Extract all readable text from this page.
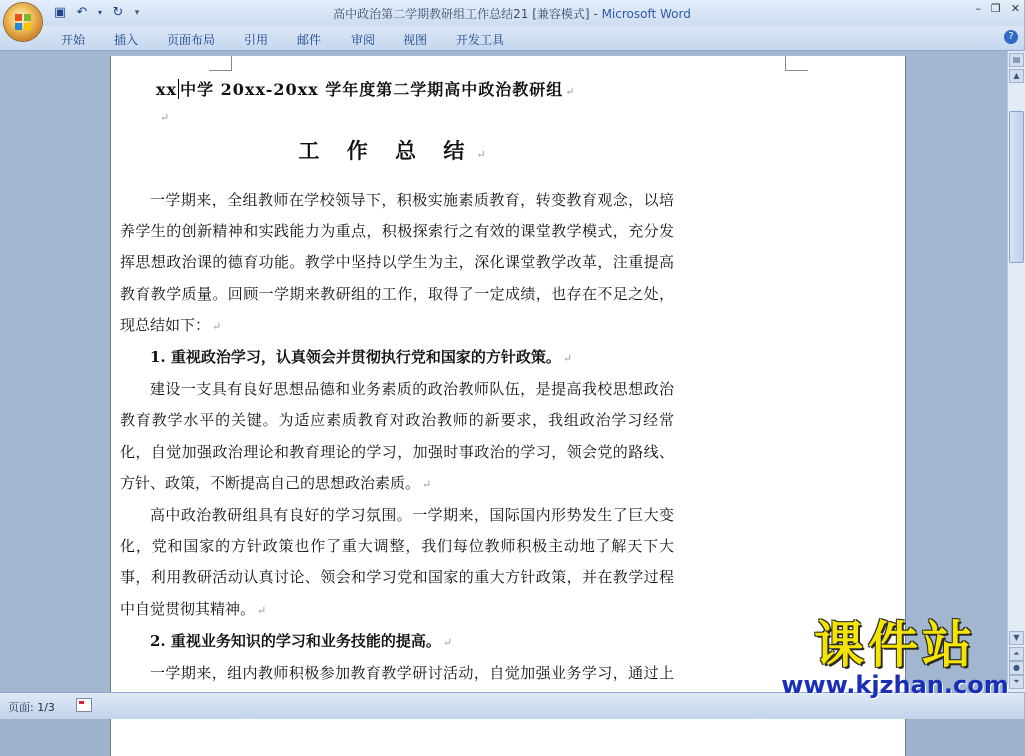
▣ ↶	▾ ↻	▾	高中政治第二学期教研组工作总结21 [兼容模式] - Microsoft Word	– ❐ ✕
开始 插入 页面布局 引用 邮件 审阅 视图 开发工具	?
xx 中学 20xx-20xx 学年度第二学期高中政治教研组 ↵
↵
工 作 总 结 ↵

一学期来，全组教师在学校领导下，积极实施素质教育，转变教育观念，以培养学生的创新精神和实践能力为重点，积极探索行之有效的课堂教学模式，充分发挥思想政治课的德育功能。教学中坚持以学生为主，深化课堂教学改革，注重提高教育教学质量。回顾一学期来教研组的工作，取得了一定成绩，也存在不足之处，现总结如下： ↵

1. 重视政治学习，认真领会并贯彻执行党和国家的方针政策。 ↵

建设一支具有良好思想品德和业务素质的政治教师队伍，是提高我校思想政治教育教学水平的关键。为适应素质教育对政治教师的新要求，我组政治学习经常化，自觉加强政治理论和教育理论的学习，加强时事政治的学习，领会党的路线、方针、政策，不断提高自己的思想政治素质。 ↵

高中政治教研组具有良好的学习氛围。一学期来，国际国内形势发生了巨大变化，党和国家的方针政策也作了重大调整，我们每位教师积极主动地了解天下大事，利用教研活动认真讨论、领会和学习党和国家的重大方针政策，并在教学过程中自觉贯彻其精神。 ↵

2. 重视业务知识的学习和业务技能的提高。 ↵

一学期来，组内教师积极参加教育教学研讨活动，自觉加强业务学习，通过上

▤
▲
▼
⏶
●
⏷
页面: 1/3
课件站
www.kjzhan.com
